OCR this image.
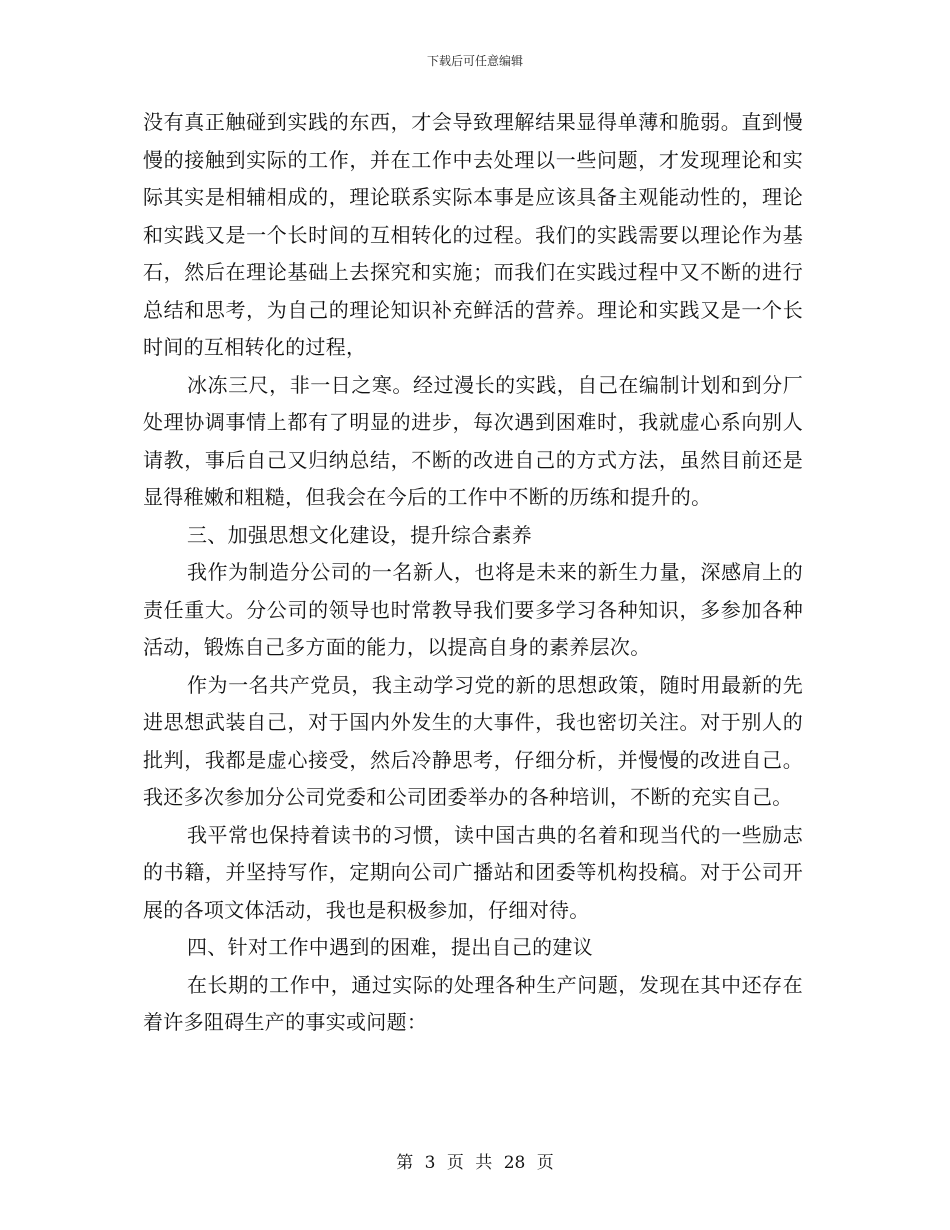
下载后可任意编辑

没有真正触碰到实践的东西，才会导致理解结果显得单薄和脆弱。直到慢慢的接触到实际的工作，并在工作中去处理以一些问题，才发现理论和实际其实是相辅相成的，理论联系实际本事是应该具备主观能动性的，理论和实践又是一个长时间的互相转化的过程。我们的实践需要以理论作为基石，然后在理论基础上去探究和实施；而我们在实践过程中又不断的进行总结和思考，为自己的理论知识补充鲜活的营养。理论和实践又是一个长时间的互相转化的过程，

冰冻三尺，非一日之寒。经过漫长的实践，自己在编制计划和到分厂处理协调事情上都有了明显的进步，每次遇到困难时，我就虚心系向别人请教，事后自己又归纳总结，不断的改进自己的方式方法，虽然目前还是显得稚嫩和粗糙，但我会在今后的工作中不断的历练和提升的。

三、加强思想文化建设，提升综合素养

我作为制造分公司的一名新人，也将是未来的新生力量，深感肩上的责任重大。分公司的领导也时常教导我们要多学习各种知识，多参加各种活动，锻炼自己多方面的能力，以提高自身的素养层次。

作为一名共产党员，我主动学习党的新的思想政策，随时用最新的先进思想武装自己，对于国内外发生的大事件，我也密切关注。对于别人的批判，我都是虚心接受，然后冷静思考，仔细分析，并慢慢的改进自己。我还多次参加分公司党委和公司团委举办的各种培训，不断的充实自己。

我平常也保持着读书的习惯，读中国古典的名着和现当代的一些励志的书籍，并坚持写作，定期向公司广播站和团委等机构投稿。对于公司开展的各项文体活动，我也是积极参加，仔细对待。

四、针对工作中遇到的困难，提出自己的建议

在长期的工作中，通过实际的处理各种生产问题，发现在其中还存在着许多阻碍生产的事实或问题：

第 3 页 共 28 页
